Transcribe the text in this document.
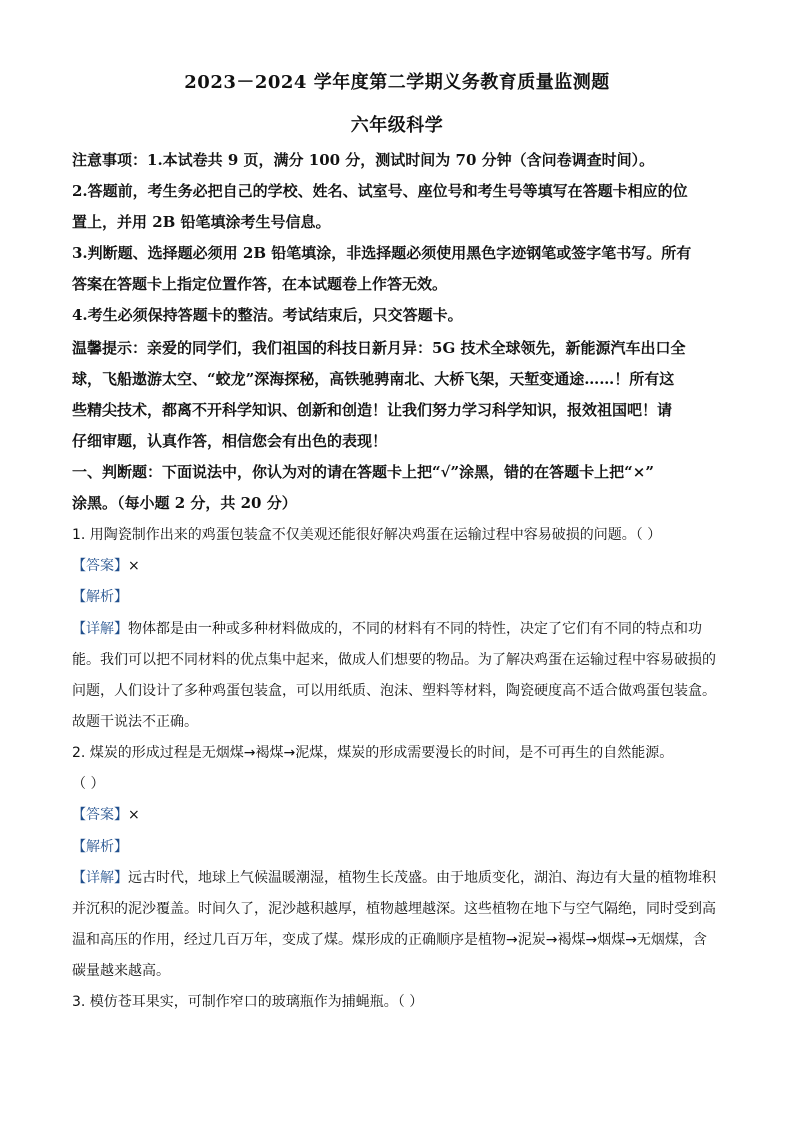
2023－2024 学年度第二学期义务教育质量监测题
六年级科学
注意事项：1.本试卷共 9 页，满分 100 分，测试时间为 70 分钟（含问卷调查时间）。
2.答题前，考生务必把自己的学校、姓名、试室号、座位号和考生号等填写在答题卡相应的位
置上，并用 2B 铅笔填涂考生号信息。
3.判断题、选择题必须用 2B 铅笔填涂，非选择题必须使用黑色字迹钢笔或签字笔书写。所有
答案在答题卡上指定位置作答，在本试题卷上作答无效。
4.考生必须保持答题卡的整洁。考试结束后，只交答题卡。
温馨提示：亲爱的同学们，我们祖国的科技日新月异：5G 技术全球领先，新能源汽车出口全
球，飞船遨游太空、“蛟龙”深海探秘，高铁驰骋南北、大桥飞架，天堑变通途……！所有这
些精尖技术，都离不开科学知识、创新和创造！让我们努力学习科学知识，报效祖国吧！请
仔细审题，认真作答，相信您会有出色的表现！
一、判断题：下面说法中，你认为对的请在答题卡上把“√”涂黑，错的在答题卡上把“×”
涂黑。（每小题 2 分，共 20 分）
1. 用陶瓷制作出来的鸡蛋包装盒不仅美观还能很好解决鸡蛋在运输过程中容易破损的问题。（ ）
【答案】×
【解析】
【详解】物体都是由一种或多种材料做成的，不同的材料有不同的特性，决定了它们有不同的特点和功
能。我们可以把不同材料的优点集中起来，做成人们想要的物品。为了解决鸡蛋在运输过程中容易破损的
问题，人们设计了多种鸡蛋包装盒，可以用纸质、泡沫、塑料等材料，陶瓷硬度高不适合做鸡蛋包装盒。
故题干说法不正确。
2. 煤炭的形成过程是无烟煤→褐煤→泥煤，煤炭的形成需要漫长的时间，是不可再生的自然能源。
（ ）
【答案】×
【解析】
【详解】远古时代，地球上气候温暖潮湿，植物生长茂盛。由于地质变化，湖泊、海边有大量的植物堆积
并沉积的泥沙覆盖。时间久了，泥沙越积越厚，植物越埋越深。这些植物在地下与空气隔绝，同时受到高
温和高压的作用，经过几百万年，变成了煤。煤形成的正确顺序是植物→泥炭→褐煤→烟煤→无烟煤，含
碳量越来越高。
3. 模仿苍耳果实，可制作窄口的玻璃瓶作为捕蝇瓶。（ ）
